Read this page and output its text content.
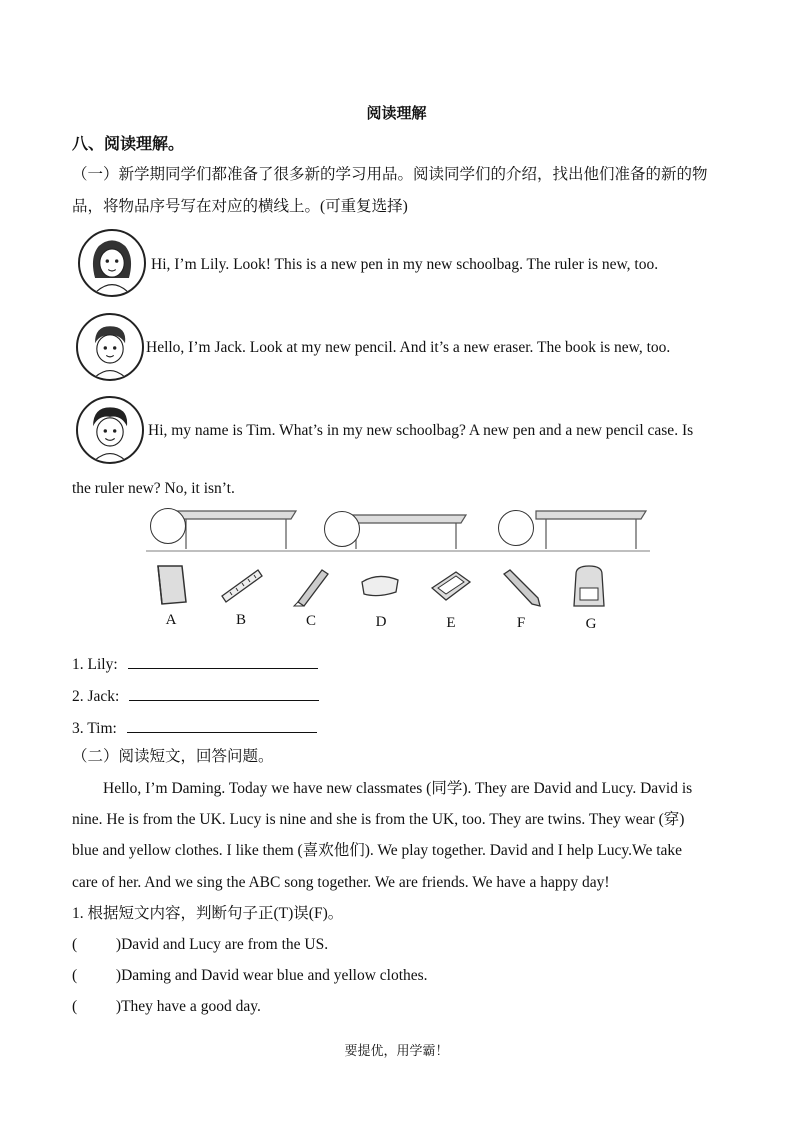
阅读理解
八、阅读理解。
（一）新学期同学们都准备了很多新的学习用品。阅读同学们的介绍，找出他们准备的新的物
品，将物品序号写在对应的横线上。(可重复选择)
Hi, I’m Lily. Look! This is a new pen in my new schoolbag. The ruler is new, too.
Hello, I’m Jack. Look at my new pencil. And it’s a new eraser. The book is new, too.
Hi, my name is Tim. What’s in my new schoolbag? A new pen and a new pencil case. Is
the ruler new? No, it isn’t.
A	B	C	D	E	F	G
1. Lily:
2. Jack:
3. Tim:
（二）阅读短文，回答问题。
Hello, I’m Daming. Today we have new classmates (同学). They are David and Lucy. David is
nine. He is from the UK. Lucy is nine and she is from the UK, too. They are twins. They wear (穿)
blue and yellow clothes. I like them (喜欢他们). We play together. David and I help Lucy.We take
care of her. And we sing the ABC song together. We are friends. We have a happy day!
1. 根据短文内容，判断句子正(T)误(F)。
(          )David and Lucy are from the US.
(          )Daming and David wear blue and yellow clothes.
(          )They have a good day.
要提优，用学霸！
